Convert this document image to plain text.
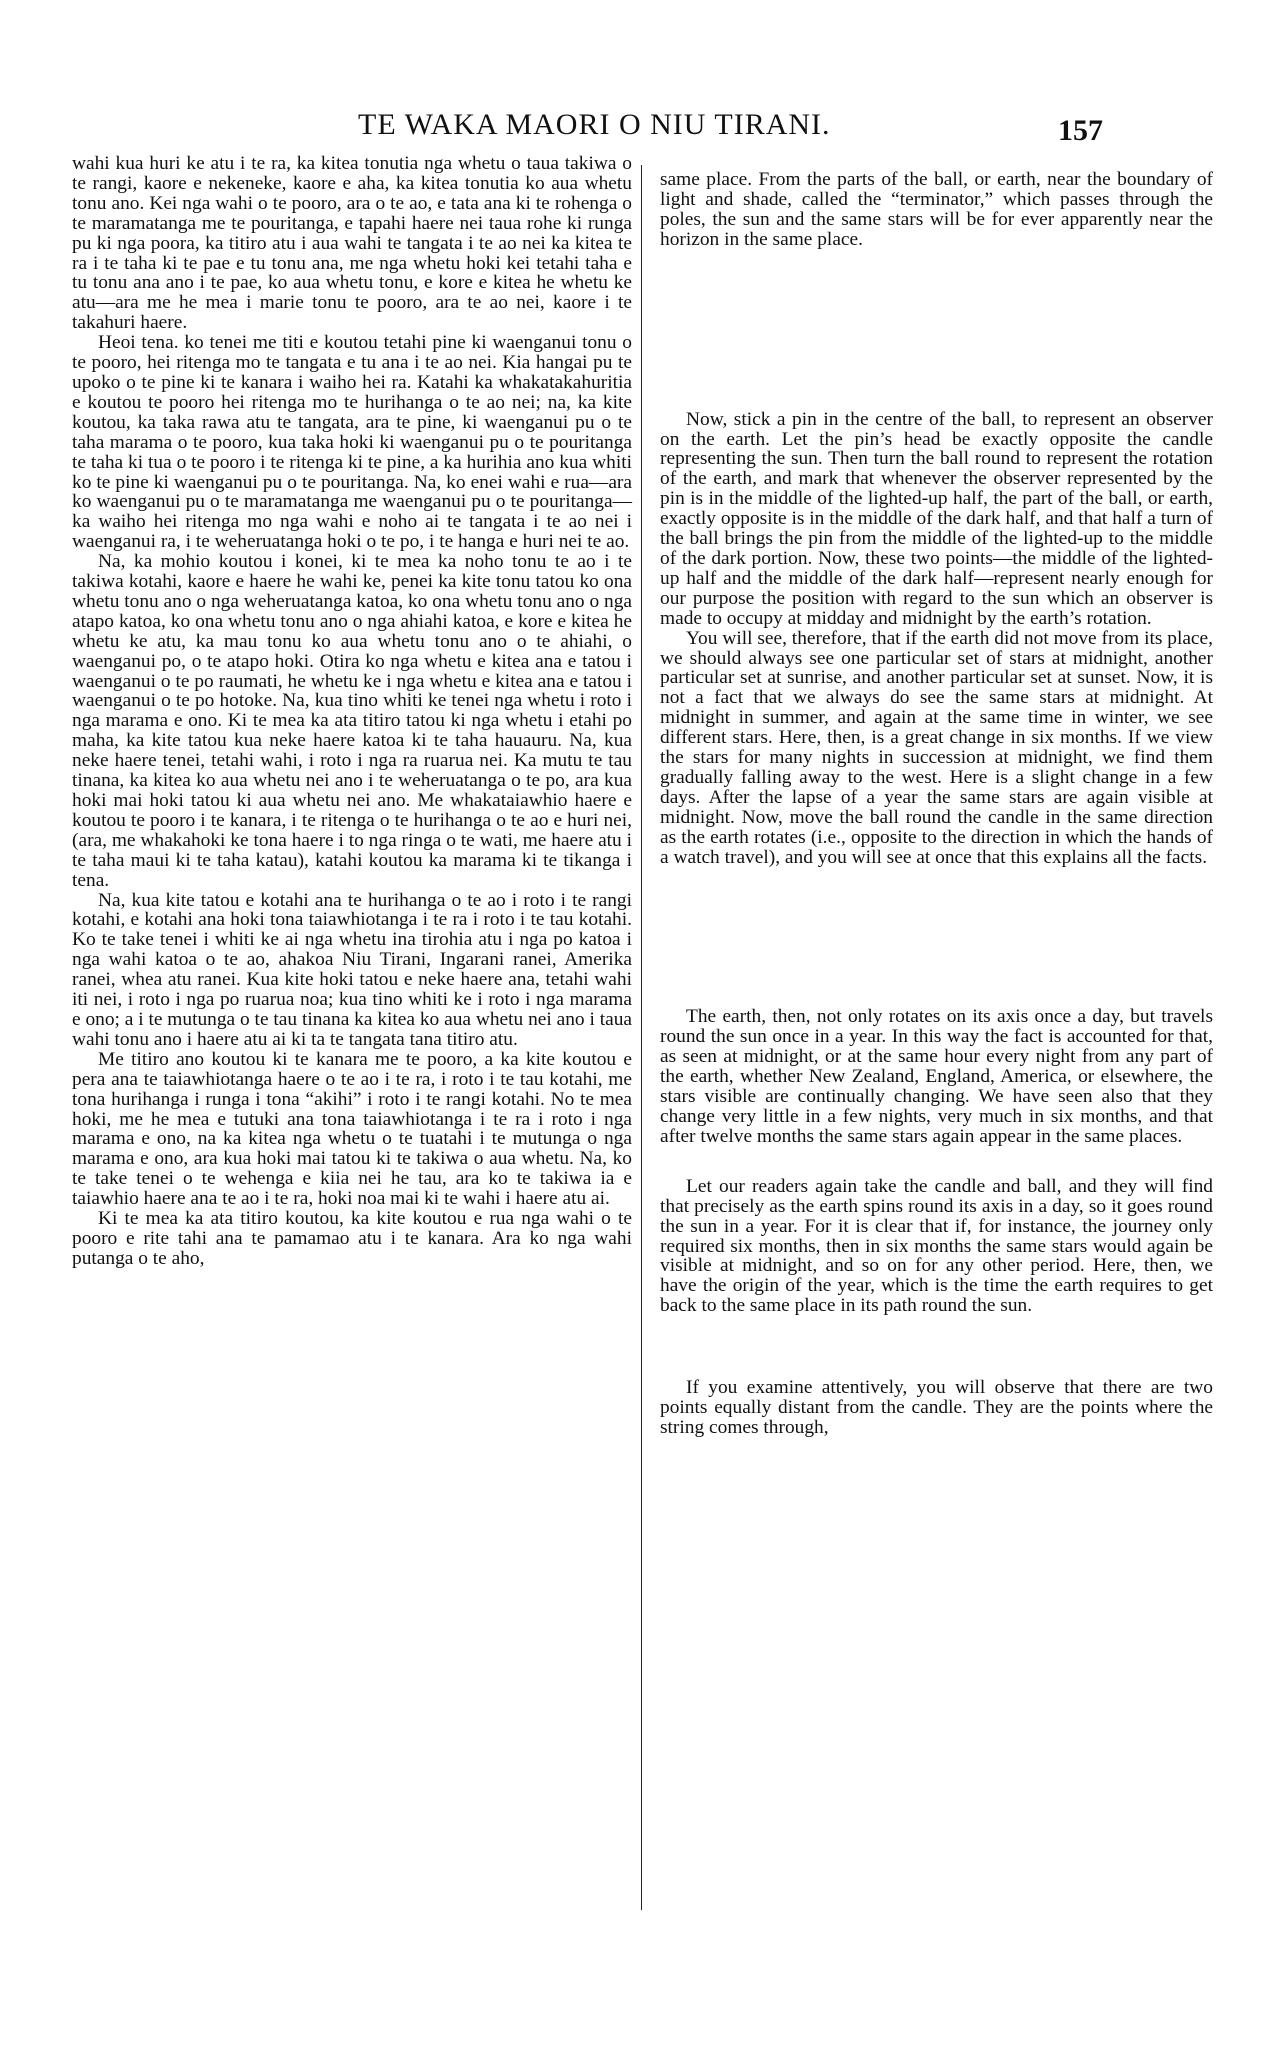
TE WAKA MAORI O NIU TIRANI.	157

wahi kua huri ke atu i te ra, ka kitea tonutia nga whetu o taua takiwa o te rangi, kaore e nekeneke, kaore e aha, ka kitea tonutia ko aua whetu tonu ano. Kei nga wahi o te pooro, ara o te ao, e tata ana ki te rohenga o te maramatanga me te pouritanga, e tapahi haere nei taua rohe ki runga pu ki nga poora, ka titiro atu i aua wahi te tangata i te ao nei ka kitea te ra i te taha ki te pae e tu tonu ana, me nga whetu hoki kei tetahi taha e tu tonu ana ano i te pae, ko aua whetu tonu, e kore e kitea he whetu ke atu—ara me he mea i marie tonu te pooro, ara te ao nei, kaore i te takahuri haere.

Heoi tena. ko tenei me titi e koutou tetahi pine ki waenganui tonu o te pooro, hei ritenga mo te tangata e tu ana i te ao nei. Kia hangai pu te upoko o te pine ki te kanara i waiho hei ra. Katahi ka whakatakahuritia e koutou te pooro hei ritenga mo te hurihanga o te ao nei; na, ka kite koutou, ka taka rawa atu te tangata, ara te pine, ki waenganui pu o te taha marama o te pooro, kua taka hoki ki waenganui pu o te pouritanga te taha ki tua o te pooro i te ritenga ki te pine, a ka hurihia ano kua whiti ko te pine ki waenganui pu o te pouritanga. Na, ko enei wahi e rua—ara ko waenganui pu o te maramatanga me waenganui pu o te pouritanga—ka waiho hei ritenga mo nga wahi e noho ai te tangata i te ao nei i waenganui ra, i te weheruatanga hoki o te po, i te hanga e huri nei te ao.

Na, ka mohio koutou i konei, ki te mea ka noho tonu te ao i te takiwa kotahi, kaore e haere he wahi ke, penei ka kite tonu tatou ko ona whetu tonu ano o nga weheruatanga katoa, ko ona whetu tonu ano o nga atapo katoa, ko ona whetu tonu ano o nga ahiahi katoa, e kore e kitea he whetu ke atu, ka mau tonu ko aua whetu tonu ano o te ahiahi, o waenganui po, o te atapo hoki. Otira ko nga whetu e kitea ana e tatou i waenganui o te po raumati, he whetu ke i nga whetu e kitea ana e tatou i waenganui o te po hotoke. Na, kua tino whiti ke tenei nga whetu i roto i nga marama e ono. Ki te mea ka ata titiro tatou ki nga whetu i etahi po maha, ka kite tatou kua neke haere katoa ki te taha hauauru. Na, kua neke haere tenei, tetahi wahi, i roto i nga ra ruarua nei. Ka mutu te tau tinana, ka kitea ko aua whetu nei ano i te weheruatanga o te po, ara kua hoki mai hoki tatou ki aua whetu nei ano. Me whakataiawhio haere e koutou te pooro i te kanara, i te ritenga o te hurihanga o te ao e huri nei, (ara, me whakahoki ke tona haere i to nga ringa o te wati, me haere atu i te taha maui ki te taha katau), katahi koutou ka marama ki te tikanga i tena.

Na, kua kite tatou e kotahi ana te hurihanga o te ao i roto i te rangi kotahi, e kotahi ana hoki tona taiawhiotanga i te ra i roto i te tau kotahi. Ko te take tenei i whiti ke ai nga whetu ina tirohia atu i nga po katoa i nga wahi katoa o te ao, ahakoa Niu Tirani, Ingarani ranei, Amerika ranei, whea atu ranei. Kua kite hoki tatou e neke haere ana, tetahi wahi iti nei, i roto i nga po ruarua noa; kua tino whiti ke i roto i nga marama e ono; a i te mutunga o te tau tinana ka kitea ko aua whetu nei ano i taua wahi tonu ano i haere atu ai ki ta te tangata tana titiro atu.

Me titiro ano koutou ki te kanara me te pooro, a ka kite koutou e pera ana te taiawhiotanga haere o te ao i te ra, i roto i te tau kotahi, me tona hurihanga i runga i tona “akihi” i roto i te rangi kotahi. No te mea hoki, me he mea e tutuki ana tona taiawhiotanga i te ra i roto i nga marama e ono, na ka kitea nga whetu o te tuatahi i te mutunga o nga marama e ono, ara kua hoki mai tatou ki te takiwa o aua whetu. Na, ko te take tenei o te wehenga e kiia nei he tau, ara ko te takiwa ia e taiawhio haere ana te ao i te ra, hoki noa mai ki te wahi i haere atu ai.

Ki te mea ka ata titiro koutou, ka kite koutou e rua nga wahi o te pooro e rite tahi ana te pamamao atu i te kanara. Ara ko nga wahi putanga o te aho,

same place. From the parts of the ball, or earth, near the boundary of light and shade, called the “terminator,” which passes through the poles, the sun and the same stars will be for ever apparently near the horizon in the same place.

Now, stick a pin in the centre of the ball, to represent an observer on the earth. Let the pin’s head be exactly opposite the candle representing the sun. Then turn the ball round to represent the rotation of the earth, and mark that whenever the observer represented by the pin is in the middle of the lighted-up half, the part of the ball, or earth, exactly opposite is in the middle of the dark half, and that half a turn of the ball brings the pin from the middle of the lighted-up to the middle of the dark portion. Now, these two points—the middle of the lighted-up half and the middle of the dark half—represent nearly enough for our purpose the position with regard to the sun which an observer is made to occupy at midday and midnight by the earth’s rotation.

You will see, therefore, that if the earth did not move from its place, we should always see one particular set of stars at midnight, another particular set at sunrise, and another particular set at sunset. Now, it is not a fact that we always do see the same stars at midnight. At midnight in summer, and again at the same time in winter, we see different stars. Here, then, is a great change in six months. If we view the stars for many nights in succession at midnight, we find them gradually falling away to the west. Here is a slight change in a few days. After the lapse of a year the same stars are again visible at midnight. Now, move the ball round the candle in the same direction as the earth rotates (i.e., opposite to the direction in which the hands of a watch travel), and you will see at once that this explains all the facts.

The earth, then, not only rotates on its axis once a day, but travels round the sun once in a year. In this way the fact is accounted for that, as seen at midnight, or at the same hour every night from any part of the earth, whether New Zealand, England, America, or elsewhere, the stars visible are continually changing. We have seen also that they change very little in a few nights, very much in six months, and that after twelve months the same stars again appear in the same places.

Let our readers again take the candle and ball, and they will find that precisely as the earth spins round its axis in a day, so it goes round the sun in a year. For it is clear that if, for instance, the journey only required six months, then in six months the same stars would again be visible at midnight, and so on for any other period. Here, then, we have the origin of the year, which is the time the earth requires to get back to the same place in its path round the sun.

If you examine attentively, you will observe that there are two points equally distant from the candle. They are the points where the string comes through,
